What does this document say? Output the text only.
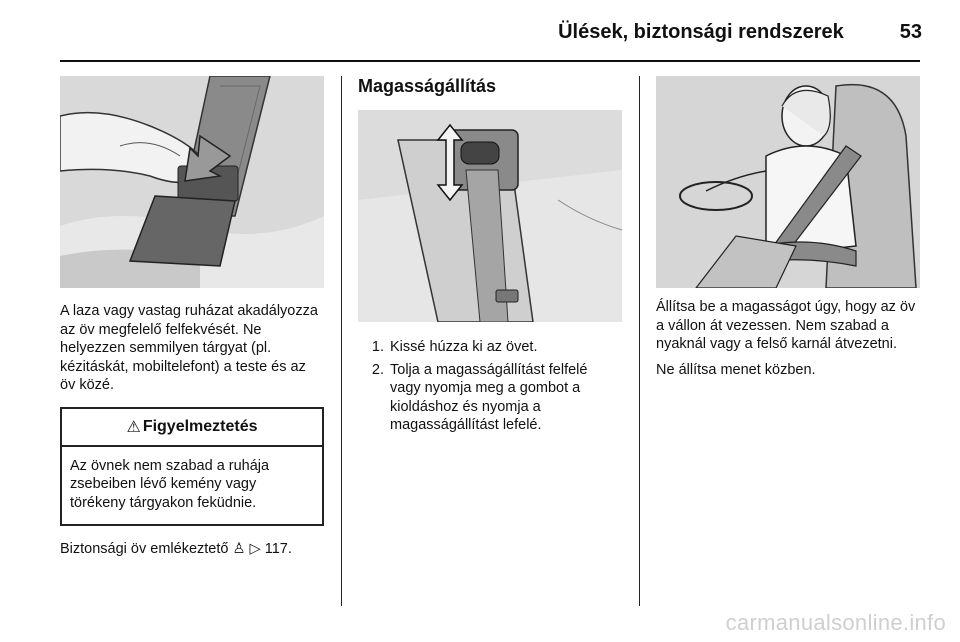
Ülések, biztonsági rendszerek	53

A laza vagy vastag ruházat akadályozza az öv megfelelő felfekvését. Ne helyezzen semmilyen tárgyat (pl. kézitáskát, mobiltelefont) a teste és az öv közé.

⚠ Figyelmeztetés
Az övnek nem szabad a ruhája zsebeiben lévő kemény vagy törékeny tárgyakon feküdnie.

Biztonsági öv emlékeztető ♙ ▷ 117.

Magasságállítás
1. Kissé húzza ki az övet.
2. Tolja a magasságállítást felfelé vagy nyomja meg a gombot a kioldáshoz és nyomja a magasságállítást lefelé.

Állítsa be a magasságot úgy, hogy az öv a vállon át vezessen. Nem szabad a nyaknál vagy a felső karnál átvezetni.

Ne állítsa menet közben.

carmanualsonline.info
